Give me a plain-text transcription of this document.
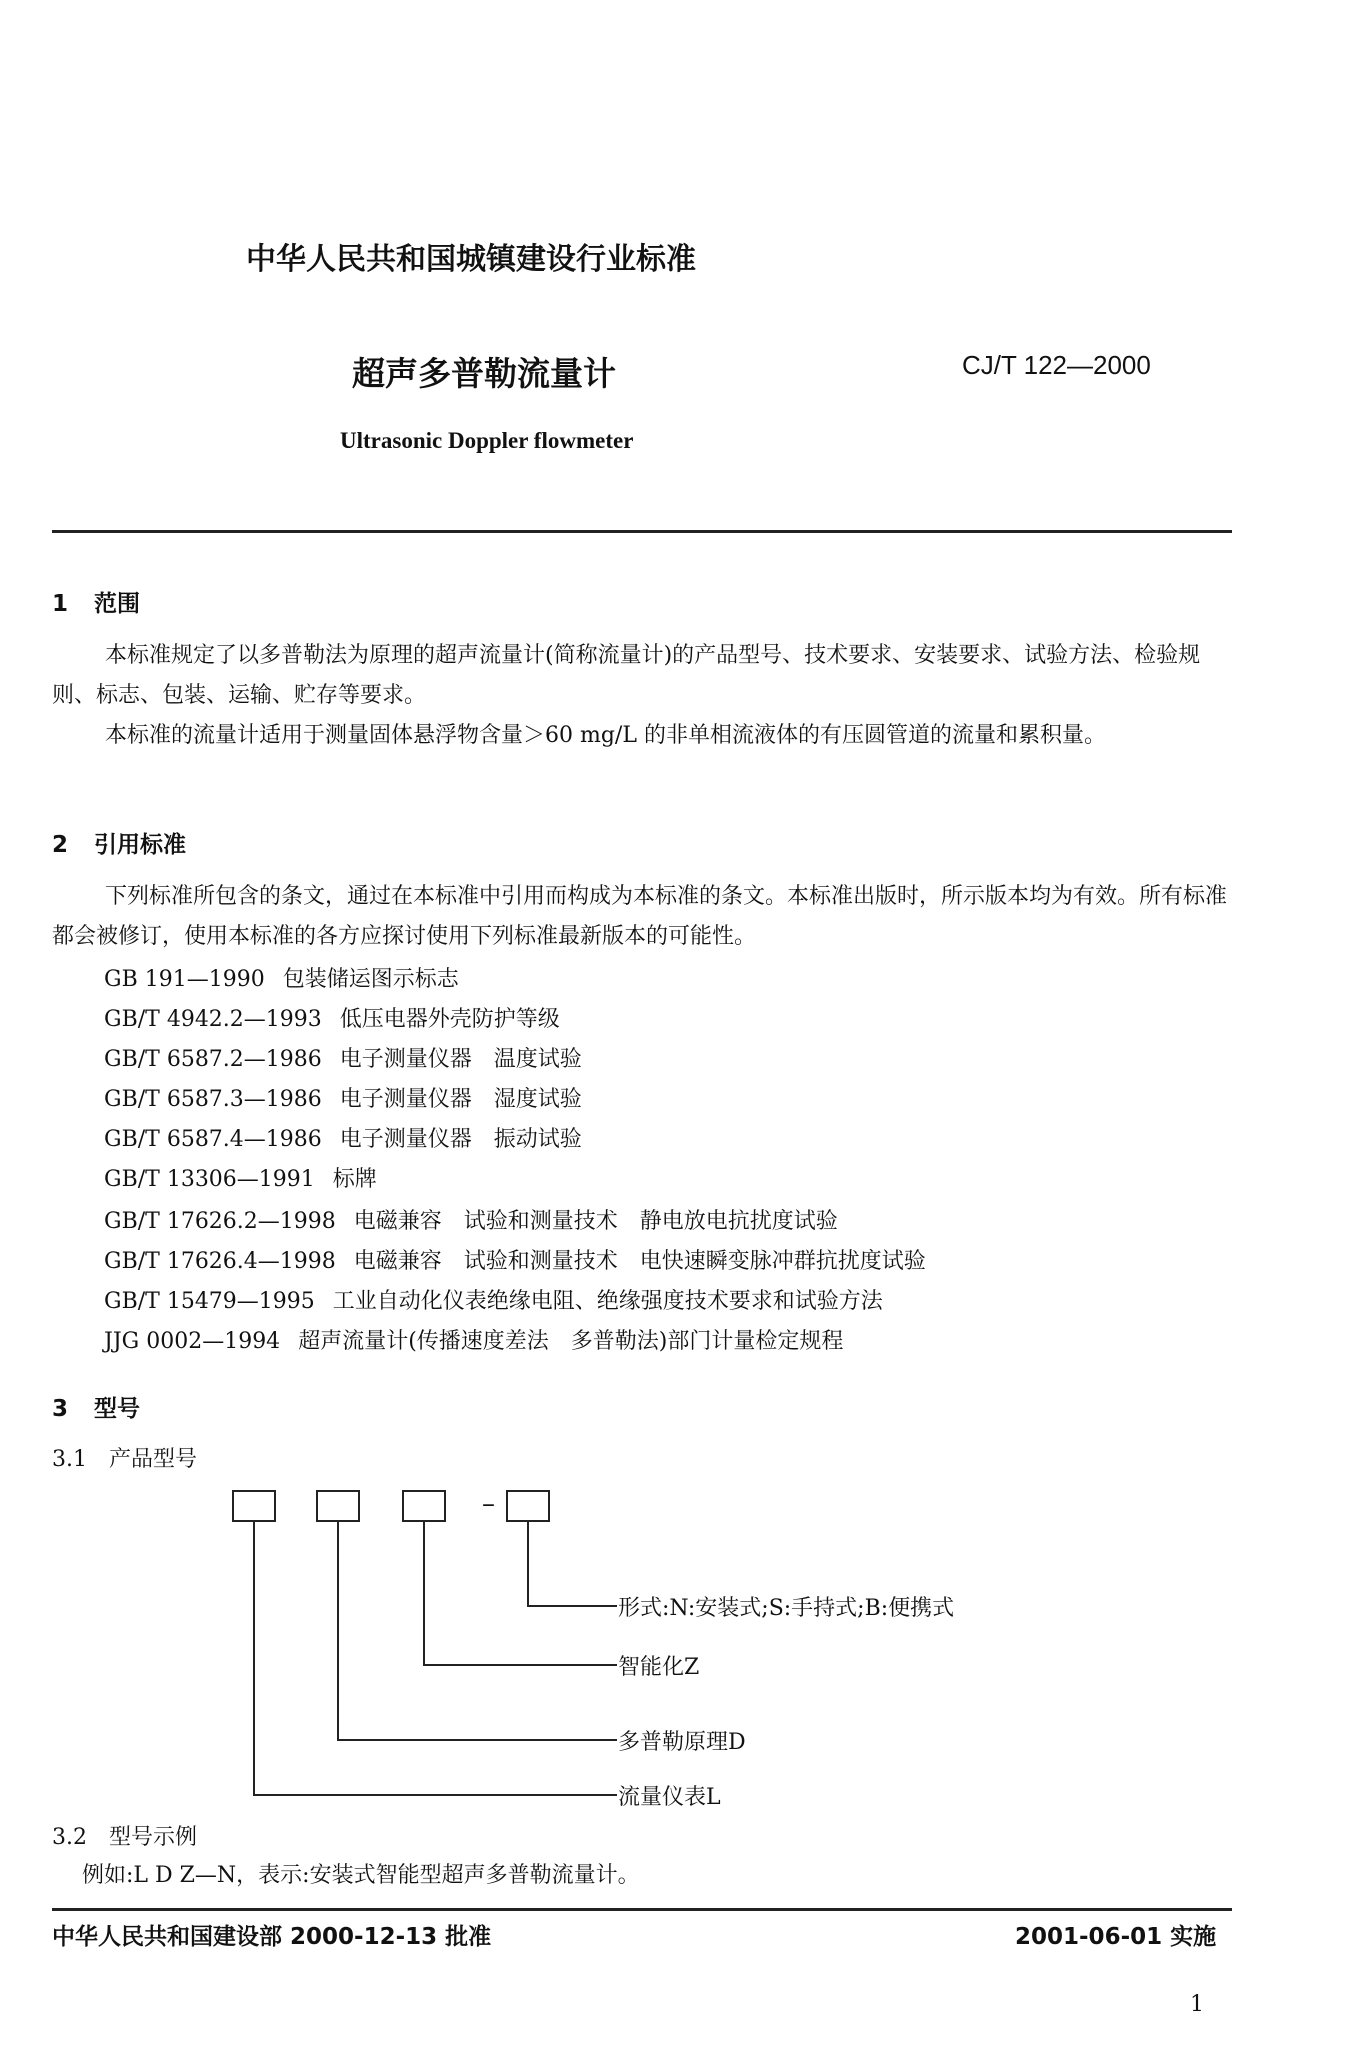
中华人民共和国城镇建设行业标准
超声多普勒流量计	CJ/T 122—2000
Ultrasonic Doppler flowmeter
1 范围
本标准规定了以多普勒法为原理的超声流量计(简称流量计)的产品型号、技术要求、安装要求、试验方法、检验规则、标志、包装、运输、贮存等要求。
本标准的流量计适用于测量固体悬浮物含量＞60 mg/L 的非单相流液体的有压圆管道的流量和累积量。
2 引用标准
下列标准所包含的条文，通过在本标准中引用而构成为本标准的条文。本标准出版时，所示版本均为有效。所有标准都会被修订，使用本标准的各方应探讨使用下列标准最新版本的可能性。
GB 191—1990 包装储运图示标志
GB/T 4942.2—1993 低压电器外壳防护等级
GB/T 6587.2—1986 电子测量仪器　温度试验
GB/T 6587.3—1986 电子测量仪器　湿度试验
GB/T 6587.4—1986 电子测量仪器　振动试验
GB/T 13306—1991 标牌
GB/T 17626.2—1998 电磁兼容　试验和测量技术　静电放电抗扰度试验
GB/T 17626.4—1998 电磁兼容　试验和测量技术　电快速瞬变脉冲群抗扰度试验
GB/T 15479—1995 工业自动化仪表绝缘电阻、绝缘强度技术要求和试验方法
JJG 0002—1994 超声流量计(传播速度差法　多普勒法)部门计量检定规程
3 型号
3.1 产品型号
–
形式:N:安装式;S:手持式;B:便携式
智能化Z
多普勒原理D
流量仪表L
3.2 型号示例
例如:L D Z—N，表示:安装式智能型超声多普勒流量计。
中华人民共和国建设部 2000-12-13 批准	2001-06-01 实施
1
